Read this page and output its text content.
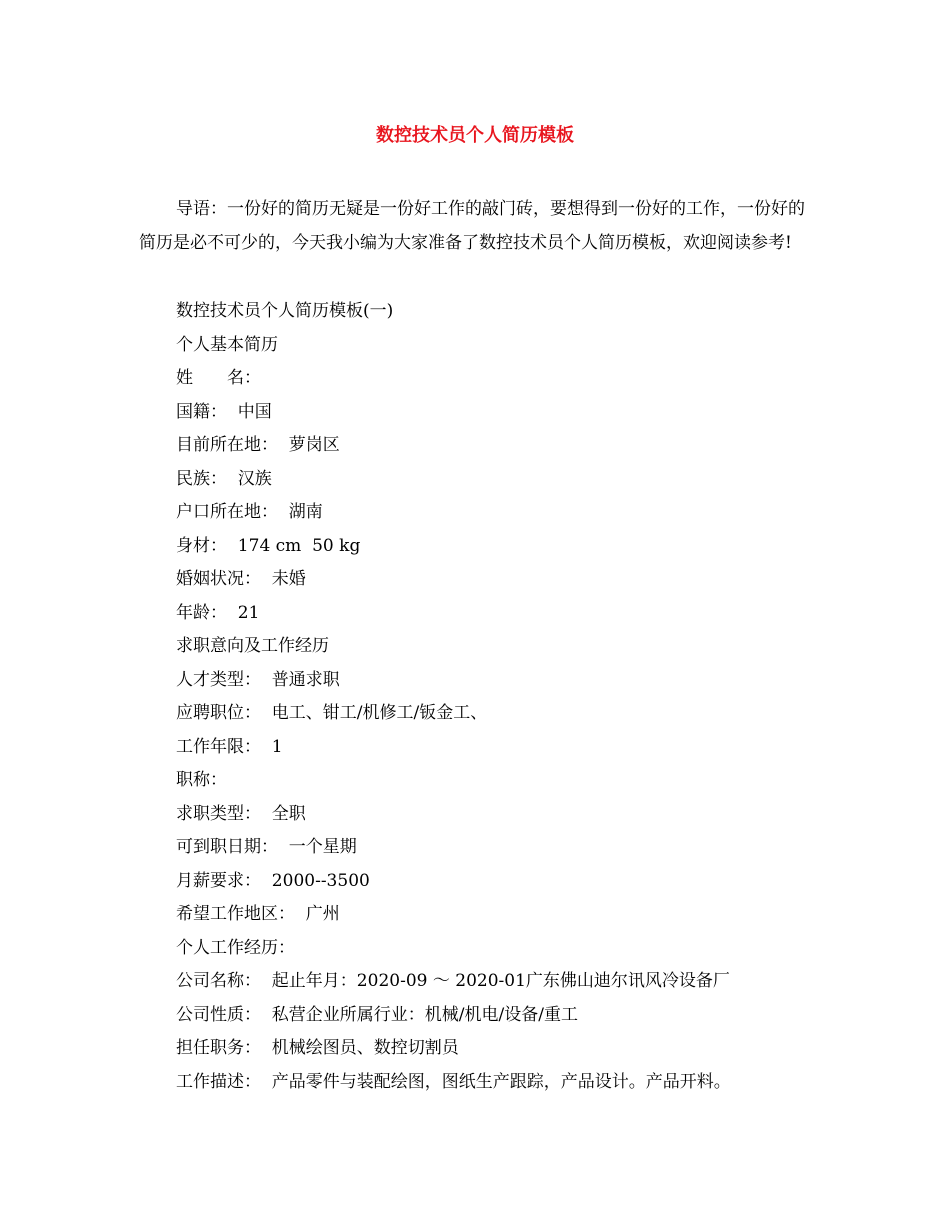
数控技术员个人简历模板

导语：一份好的简历无疑是一份好工作的敲门砖，要想得到一份好的工作，一份好的简历是必不可少的，今天我小编为大家准备了数控技术员个人简历模板，欢迎阅读参考!

数控技术员个人简历模板(一)
个人基本简历
姓　　名：
国籍：  中国
目前所在地：  萝岗区
民族：  汉族
户口所在地：  湖南
身材：  174 cm  50 kg
婚姻状况：  未婚
年龄：  21
求职意向及工作经历
人才类型：  普通求职
应聘职位：  电工、钳工/机修工/钣金工、
工作年限：  1
职称：
求职类型：  全职
可到职日期：  一个星期
月薪要求：  2000--3500
希望工作地区：  广州
个人工作经历：
公司名称：  起止年月：2020-09 ～ 2020-01广东佛山迪尔讯风冷设备厂
公司性质：  私营企业所属行业：机械/机电/设备/重工
担任职务：  机械绘图员、数控切割员
工作描述：  产品零件与装配绘图，图纸生产跟踪，产品设计。产品开料。
